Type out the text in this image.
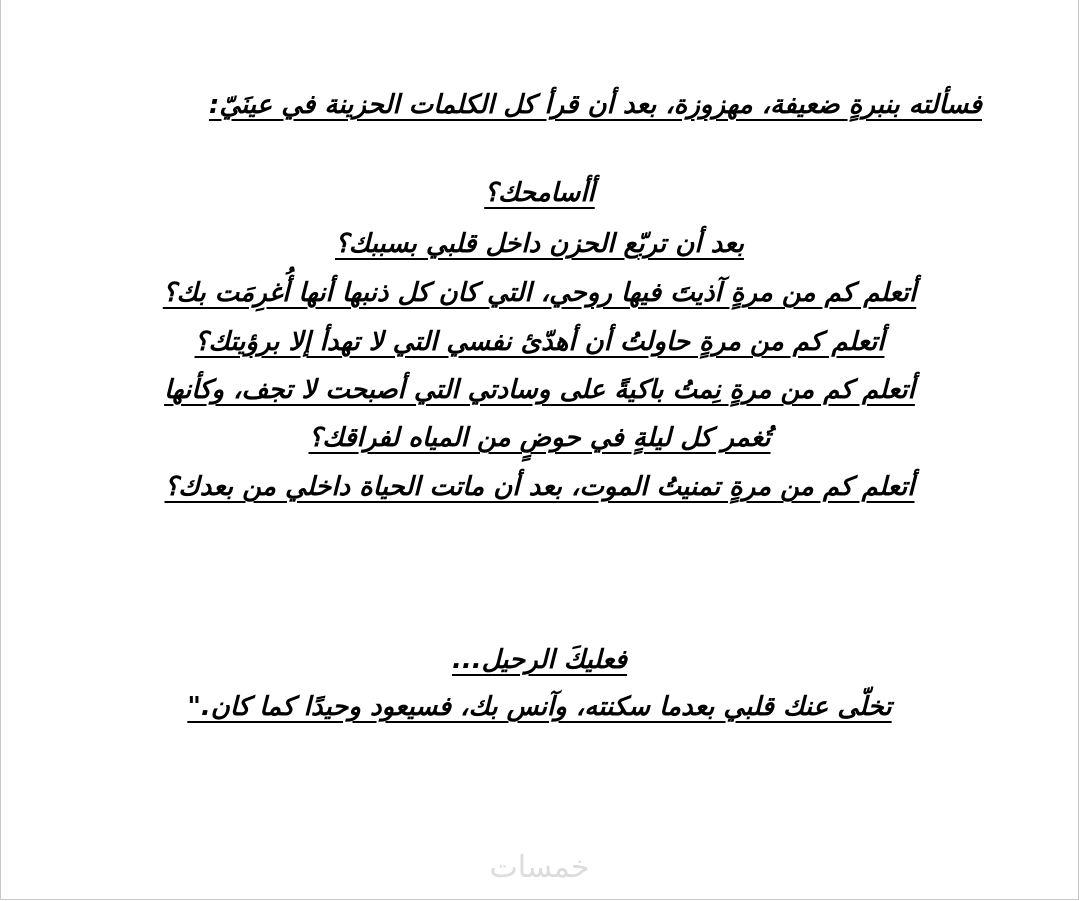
فسألته بنبرةٍ ضعيفة، مهزوزة، بعد أن قرأ كل الكلمات الحزينة في عينَيّ:
أأسامحك؟
بعد أن تربّع الحزن داخل قلبي بسببك؟
أتعلم كم من مرةٍ آذيتَ فيها روحي، التي كان كل ذنبها أنها أُغرِمَت بك؟
أتعلم كم من مرةٍ حاولتُ أن أهدّئ نفسي التي لا تهدأ إلا برؤيتك؟
أتعلم كم من مرةٍ نِمتُ باكيةً على وسادتي التي أصبحت لا تجف، وكأنها
تُغمر كل ليلةٍ في حوضٍ من المياه لفراقك؟
أتعلم كم من مرةٍ تمنيتُ الموت، بعد أن ماتت الحياة داخلي من بعدك؟
فعليكَ الرحيل...
تخلّى عنك قلبي بعدما سكنته، وآنس بك، فسيعود وحيدًا كما كان."
خمسات
